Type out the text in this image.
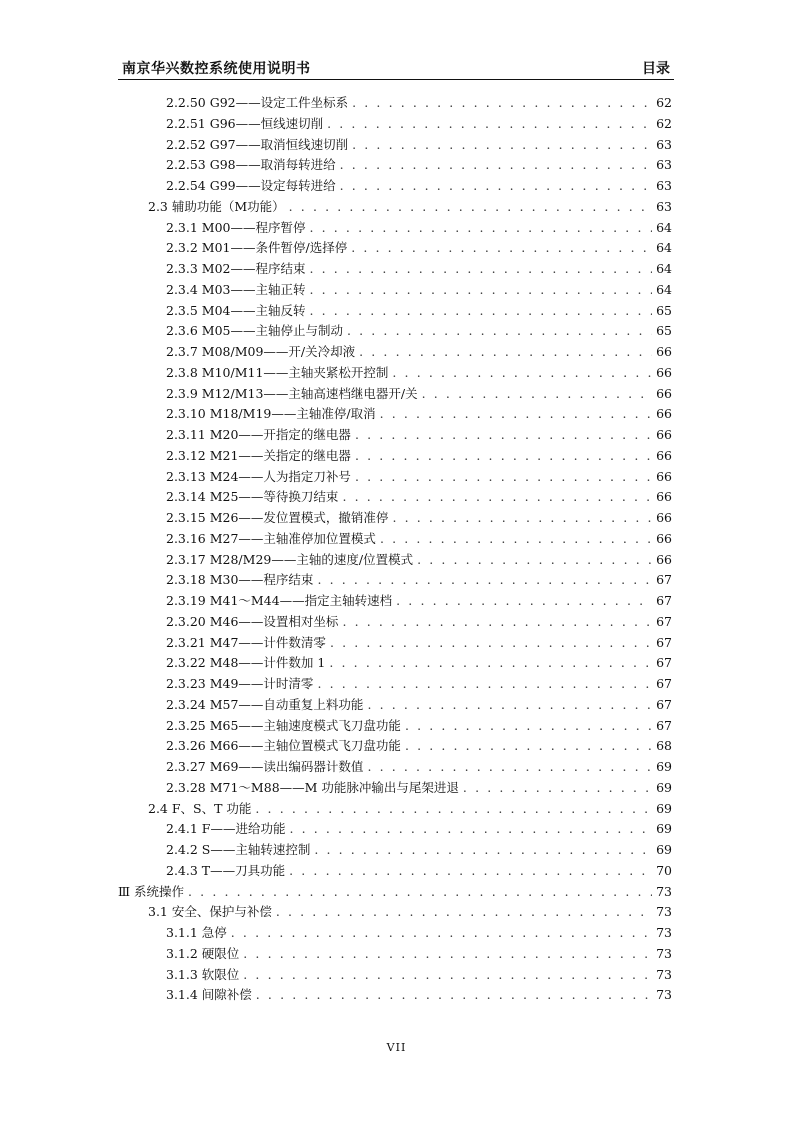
南京华兴数控系统使用说明书	目录
2.2.50 G92——设定工件坐标系 . . .	62
2.2.51 G96——恒线速切削 . . .	62
2.2.52 G97——取消恒线速切削 . . .	63
2.2.53 G98——取消每转进给 . . .	63
2.2.54 G99——设定每转进给 . . .	63
2.3 辅助功能（M功能） . . .	63
2.3.1 M00——程序暂停 . . .	64
2.3.2 M01——条件暂停/选择停 . . .	64
2.3.3 M02——程序结束 . . .	64
2.3.4 M03——主轴正转 . . .	64
2.3.5 M04——主轴反转 . . .	65
2.3.6 M05——主轴停止与制动 . . .	65
2.3.7 M08/M09——开/关冷却液 . . .	66
2.3.8 M10/M11——主轴夹紧松开控制 . . .	66
2.3.9 M12/M13——主轴高速档继电器开/关 . . .	66
2.3.10 M18/M19——主轴准停/取消 . . .	66
2.3.11 M20——开指定的继电器 . . .	66
2.3.12 M21——关指定的继电器 . . .	66
2.3.13 M24——人为指定刀补号 . . .	66
2.3.14 M25——等待换刀结束 . . .	66
2.3.15 M26——发位置模式，撤销准停 . . .	66
2.3.16 M27——主轴准停加位置模式 . . .	66
2.3.17 M28/M29——主轴的速度/位置模式 . . .	66
2.3.18 M30——程序结束 . . .	67
2.3.19 M41～M44——指定主轴转速档 . . .	67
2.3.20 M46——设置相对坐标 . . .	67
2.3.21 M47——计件数清零 . . .	67
2.3.22 M48——计件数加 1 . . .	67
2.3.23 M49——计时清零 . . .	67
2.3.24 M57——自动重复上料功能 . . .	67
2.3.25 M65——主轴速度模式飞刀盘功能 . . .	67
2.3.26 M66——主轴位置模式飞刀盘功能 . . .	68
2.3.27 M69——读出编码器计数值 . . .	69
2.3.28 M71～M88——M 功能脉冲输出与尾架进退 . . .	69
2.4 F、S、T 功能 . . .	69
2.4.1 F——进给功能 . . .	69
2.4.2 S——主轴转速控制 . . .	69
2.4.3 T——刀具功能 . . .	70
Ⅲ 系统操作 . . .	73
3.1 安全、保护与补偿 . . .	73
3.1.1 急停 . . .	73
3.1.2 硬限位 . . .	73
3.1.3 软限位 . . .	73
3.1.4 间隙补偿 . . .	73
VII
